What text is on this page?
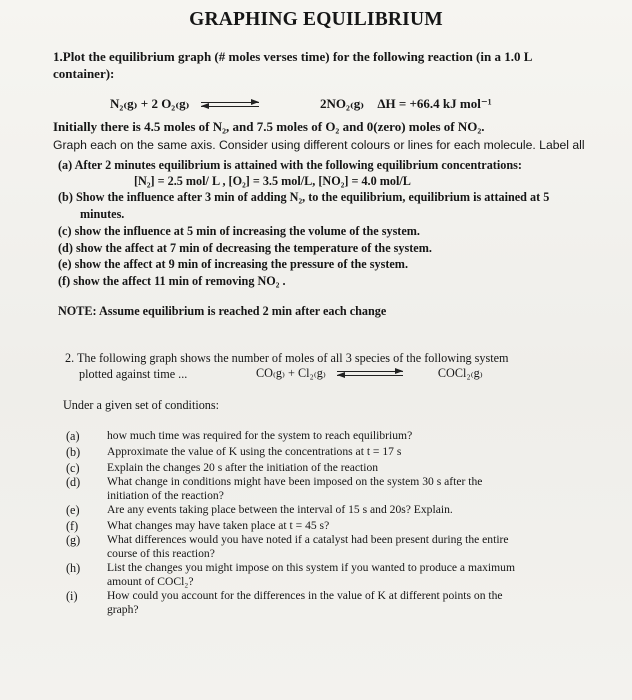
GRAPHING EQUILIBRIUM
1.Plot the equilibrium graph (# moles verses time) for the following reaction (in a 1.0 L
container):
N₂₍g₎ + 2 O₂₍g₎	2NO₂₍g₎ ΔH = +66.4 kJ mol⁻¹
Initially there is 4.5 moles of N₂, and 7.5 moles of O₂ and 0(zero) moles of NO₂.
Graph each on the same axis. Consider using different colours or lines for each molecule. Label all
(a) After 2 minutes equilibrium is attained with the following equilibrium concentrations:
[N₂] = 2.5 mol/ L , [O₂] = 3.5 mol/L, [NO₂] = 4.0 mol/L
(b) Show the influence after 3 min of adding N₂, to the equilibrium, equilibrium is attained at 5
minutes.
(c) show the influence at 5 min of increasing the volume of the system.
(d) show the affect at 7 min of decreasing the temperature of the system.
(e) show the affect at 9 min of increasing the pressure of the system.
(f) show the affect 11 min of removing NO₂ .
NOTE: Assume equilibrium is reached 2 min after each change
2. The following graph shows the number of moles of all 3 species of the following system
plotted against time ...	CO₍g₎ + Cl₂₍g₎	COCl₂₍g₎
Under a given set of conditions:
(a) how much time was required for the system to reach equilibrium?
(b) Approximate the value of K using the concentrations at t = 17 s
(c) Explain the changes 20 s after the initiation of the reaction
(d) What change in conditions might have been imposed on the system 30 s after the
initiation of the reaction?
(e) Are any events taking place between the interval of 15 s and 20s? Explain.
(f) What changes may have taken place at t = 45 s?
(g) What differences would you have noted if a catalyst had been present during the entire
course of this reaction?
(h) List the changes you might impose on this system if you wanted to produce a maximum
amount of COCl₂?
(i)	How could you account for the differences in the value of K at different points on the
graph?
